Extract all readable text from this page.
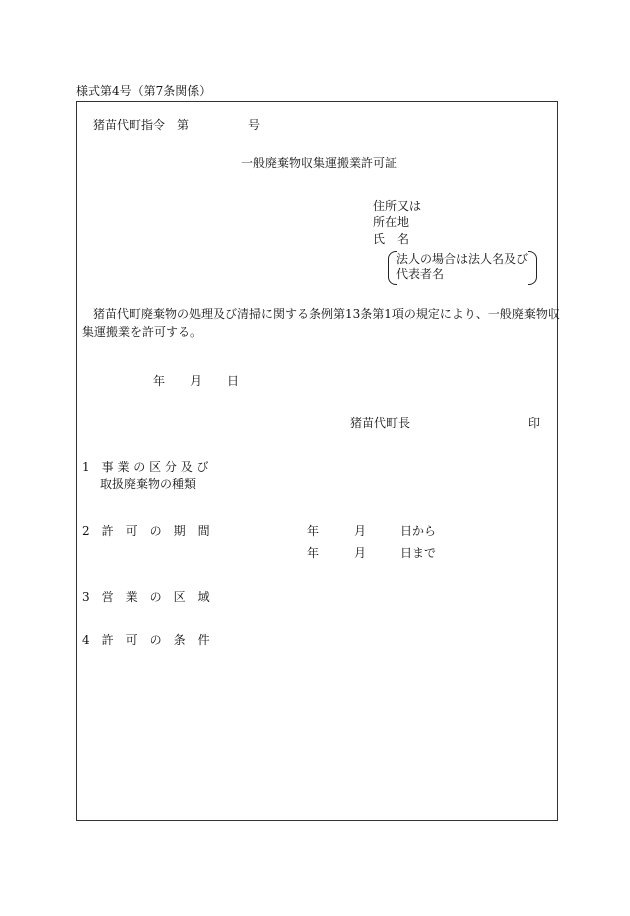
様式第4号（第7条関係）
猪苗代町指令　第	号
一般廃棄物収集運搬業許可証
住所又は
所在地
氏　名
法人の場合は法人名及び
代表者名
猪苗代町廃棄物の処理及び清掃に関する条例第13条第1項の規定により、一般廃棄物収
集運搬業を許可する。
年 月 日
猪苗代町長	印
1　事 業 の 区 分 及 び
取扱廃棄物の種類
2　許　可　の　期　間	年	月	日から
年	月	日まで
3　営　業　の　区　域
4　許　可　の　条　件
